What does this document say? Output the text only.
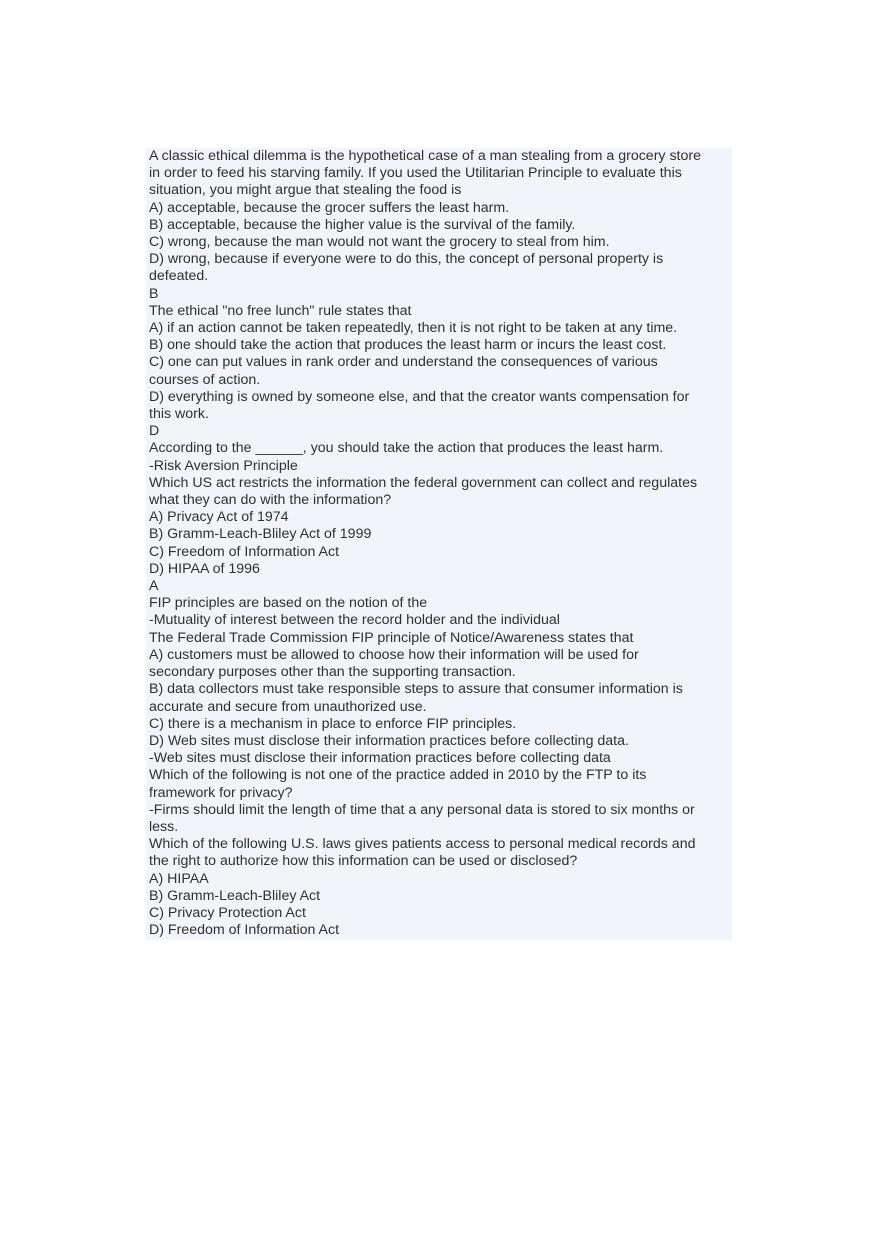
A classic ethical dilemma is the hypothetical case of a man stealing from a grocery store

in order to feed his starving family. If you used the Utilitarian Principle to evaluate this

situation, you might argue that stealing the food is

A) acceptable, because the grocer suffers the least harm.

B) acceptable, because the higher value is the survival of the family.

C) wrong, because the man would not want the grocery to steal from him.

D) wrong, because if everyone were to do this, the concept of personal property is

defeated.

B

The ethical "no free lunch" rule states that

A) if an action cannot be taken repeatedly, then it is not right to be taken at any time.

B) one should take the action that produces the least harm or incurs the least cost.

C) one can put values in rank order and understand the consequences of various

courses of action.

D) everything is owned by someone else, and that the creator wants compensation for

this work.

D

According to the ______, you should take the action that produces the least harm.

-Risk Aversion Principle

Which US act restricts the information the federal government can collect and regulates

what they can do with the information?

A) Privacy Act of 1974

B) Gramm-Leach-Bliley Act of 1999

C) Freedom of Information Act

D) HIPAA of 1996

A

FIP principles are based on the notion of the

-Mutuality of interest between the record holder and the individual

The Federal Trade Commission FIP principle of Notice/Awareness states that

A) customers must be allowed to choose how their information will be used for

secondary purposes other than the supporting transaction.

B) data collectors must take responsible steps to assure that consumer information is

accurate and secure from unauthorized use.

C) there is a mechanism in place to enforce FIP principles.

D) Web sites must disclose their information practices before collecting data.

-Web sites must disclose their information practices before collecting data

Which of the following is not one of the practice added in 2010 by the FTP to its

framework for privacy?

-Firms should limit the length of time that a any personal data is stored to six months or

less.

Which of the following U.S. laws gives patients access to personal medical records and

the right to authorize how this information can be used or disclosed?

A) HIPAA

B) Gramm-Leach-Bliley Act

C) Privacy Protection Act

D) Freedom of Information Act
